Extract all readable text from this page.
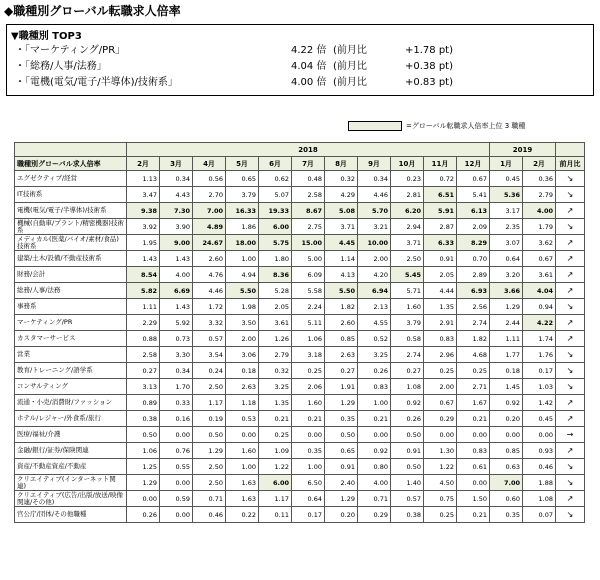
◆職種別グローバル転職求人倍率
▼職種別 TOP3
・「マーケティング/PR」	4.22 倍 (前月比	+1.78 pt)
・「総務/人事/法務」	4.04 倍 (前月比	+0.38 pt)
・「電機(電気/電子/半導体)/技術系」	4.00 倍 (前月比	+0.83 pt)
=グローバル転職求人倍率上位 3 職種
	2018											2019		
職種別グローバル求人倍率	2月	3月	4月	5月	6月	7月	8月	9月	10月	11月	12月	1月	2月	前月比
エグゼクティブ/経営	1.13	0.34	0.56	0.65	0.62	0.48	0.32	0.34	0.23	0.72	0.67	0.45	0.36	↘
IT技術系	3.47	4.43	2.70	3.79	5.07	2.58	4.29	4.46	2.81	6.51	5.41	5.36	2.79	↘
電機(電気/電子/半導体)/技術系	9.38	7.30	7.00	16.33	19.33	8.67	5.08	5.70	6.20	5.91	6.13	3.17	4.00	↗
機械(自動車/プラント/精密機器)技術系	3.92	3.90	4.89	1.86	6.00	2.75	3.71	3.21	2.94	2.87	2.09	2.35	1.79	↘
メディカル(医薬/バイオ/素材/食品)技術系	1.95	9.00	24.67	18.00	5.75	15.00	4.45	10.00	3.71	6.33	8.29	3.07	3.62	↗
建築/土木/設備/不動産技術系	1.43	1.43	2.60	1.00	1.80	5.00	1.14	2.00	2.50	0.91	0.70	0.64	0.67	↗
財務/会計	8.54	4.00	4.76	4.94	8.36	6.09	4.13	4.20	5.45	2.05	2.89	3.20	3.61	↗
総務/人事/法務	5.82	6.69	4.46	5.50	5.28	5.58	5.50	6.94	5.71	4.44	6.93	3.66	4.04	↗
事務系	1.11	1.43	1.72	1.98	2.05	2.24	1.82	2.13	1.60	1.35	2.56	1.29	0.94	↘
マーケティング/PR	2.29	5.92	3.32	3.50	3.61	5.11	2.60	4.55	3.79	2.91	2.74	2.44	4.22	↗
カスタマーサービス	0.88	0.73	0.57	2.00	1.26	1.06	0.85	0.52	0.58	0.83	1.82	1.11	1.74	↗
営業	2.58	3.30	3.54	3.06	2.79	3.18	2.63	3.25	2.74	2.96	4.68	1.77	1.76	↘
教育/トレーニング/語学系	0.27	0.34	0.24	0.18	0.32	0.25	0.27	0.26	0.27	0.25	0.25	0.18	0.17	↘
コンサルティング	3.13	1.70	2.50	2.63	3.25	2.06	1.91	0.83	1.08	2.00	2.71	1.45	1.03	↘
流通・小売/消費財/ファッション	0.89	0.33	1.17	1.18	1.35	1.60	1.29	1.00	0.92	0.67	1.67	0.92	1.42	↗
ホテル/レジャー/外食系/旅行	0.38	0.16	0.19	0.53	0.21	0.21	0.35	0.21	0.26	0.29	0.21	0.20	0.45	↗
医療/福祉/介護	0.50	0.00	0.50	0.00	0.25	0.00	0.50	0.00	0.50	0.00	0.00	0.00	0.00	→
金融/銀行/証券/保険関連	1.06	0.76	1.29	1.60	1.09	0.35	0.65	0.92	0.91	1.30	0.83	0.85	0.93	↗
資産/不動産資産/不動産	1.25	0.55	2.50	1.00	1.22	1.00	0.91	0.80	0.50	1.22	0.61	0.63	0.46	↘
クリエイティブ(インターネット関連)	1.29	0.00	2.50	1.63	6.00	6.50	2.40	4.00	1.40	4.50	0.00	7.00	1.88	↘
クリエイティブ(広告/出版/放送/映像関連/その他)	0.00	0.59	0.71	1.63	1.17	0.64	1.29	0.71	0.57	0.75	1.50	0.60	1.08	↗
官公庁/団体/その他職種	0.26	0.00	0.46	0.22	0.11	0.17	0.20	0.29	0.38	0.25	0.21	0.35	0.07	↘
